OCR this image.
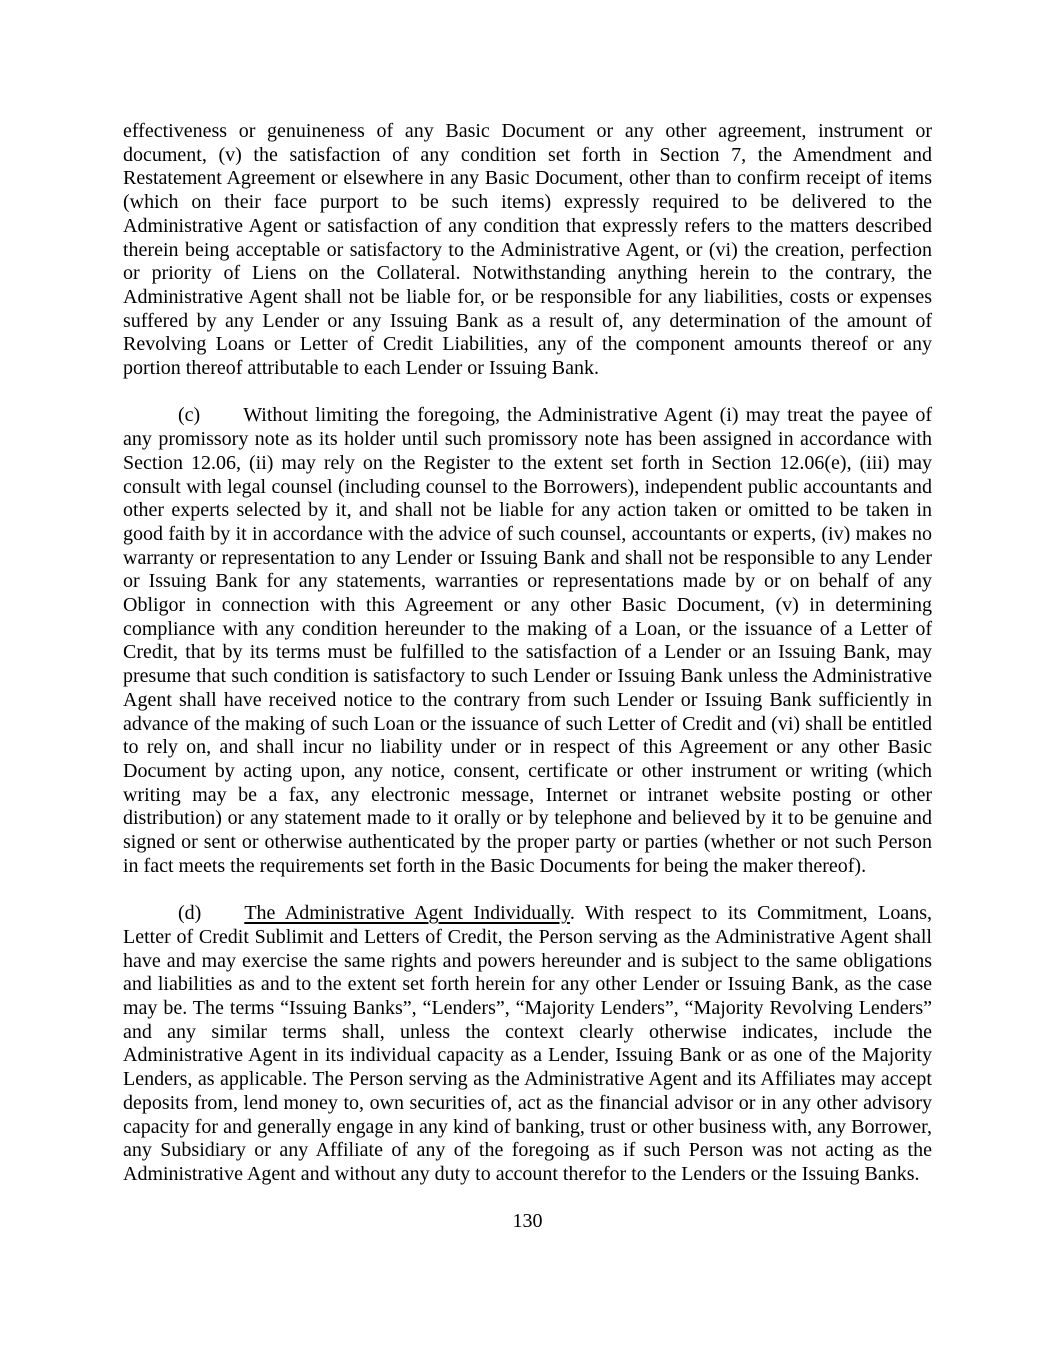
effectiveness or genuineness of any Basic Document or any other agreement, instrument or document, (v) the satisfaction of any condition set forth in Section 7, the Amendment and Restatement Agreement or elsewhere in any Basic Document, other than to confirm receipt of items (which on their face purport to be such items) expressly required to be delivered to the Administrative Agent or satisfaction of any condition that expressly refers to the matters described therein being acceptable or satisfactory to the Administrative Agent, or (vi) the creation, perfection or priority of Liens on the Collateral. Notwithstanding anything herein to the contrary, the Administrative Agent shall not be liable for, or be responsible for any liabilities, costs or expenses suffered by any Lender or any Issuing Bank as a result of, any determination of the amount of Revolving Loans or Letter of Credit Liabilities, any of the component amounts thereof or any portion thereof attributable to each Lender or Issuing Bank.

(c) Without limiting the foregoing, the Administrative Agent (i) may treat the payee of any promissory note as its holder until such promissory note has been assigned in accordance with Section 12.06, (ii) may rely on the Register to the extent set forth in Section 12.06(e), (iii) may consult with legal counsel (including counsel to the Borrowers), independent public accountants and other experts selected by it, and shall not be liable for any action taken or omitted to be taken in good faith by it in accordance with the advice of such counsel, accountants or experts, (iv) makes no warranty or representation to any Lender or Issuing Bank and shall not be responsible to any Lender or Issuing Bank for any statements, warranties or representations made by or on behalf of any Obligor in connection with this Agreement or any other Basic Document, (v) in determining compliance with any condition hereunder to the making of a Loan, or the issuance of a Letter of Credit, that by its terms must be fulfilled to the satisfaction of a Lender or an Issuing Bank, may presume that such condition is satisfactory to such Lender or Issuing Bank unless the Administrative Agent shall have received notice to the contrary from such Lender or Issuing Bank sufficiently in advance of the making of such Loan or the issuance of such Letter of Credit and (vi) shall be entitled to rely on, and shall incur no liability under or in respect of this Agreement or any other Basic Document by acting upon, any notice, consent, certificate or other instrument or writing (which writing may be a fax, any electronic message, Internet or intranet website posting or other distribution) or any statement made to it orally or by telephone and believed by it to be genuine and signed or sent or otherwise authenticated by the proper party or parties (whether or not such Person in fact meets the requirements set forth in the Basic Documents for being the maker thereof).

(d) The Administrative Agent Individually. With respect to its Commitment, Loans, Letter of Credit Sublimit and Letters of Credit, the Person serving as the Administrative Agent shall have and may exercise the same rights and powers hereunder and is subject to the same obligations and liabilities as and to the extent set forth herein for any other Lender or Issuing Bank, as the case may be. The terms “Issuing Banks”, “Lenders”, “Majority Lenders”, “Majority Revolving Lenders” and any similar terms shall, unless the context clearly otherwise indicates, include the Administrative Agent in its individual capacity as a Lender, Issuing Bank or as one of the Majority Lenders, as applicable. The Person serving as the Administrative Agent and its Affiliates may accept deposits from, lend money to, own securities of, act as the financial advisor or in any other advisory capacity for and generally engage in any kind of banking, trust or other business with, any Borrower, any Subsidiary or any Affiliate of any of the foregoing as if such Person was not acting as the Administrative Agent and without any duty to account therefor to the Lenders or the Issuing Banks.

130
